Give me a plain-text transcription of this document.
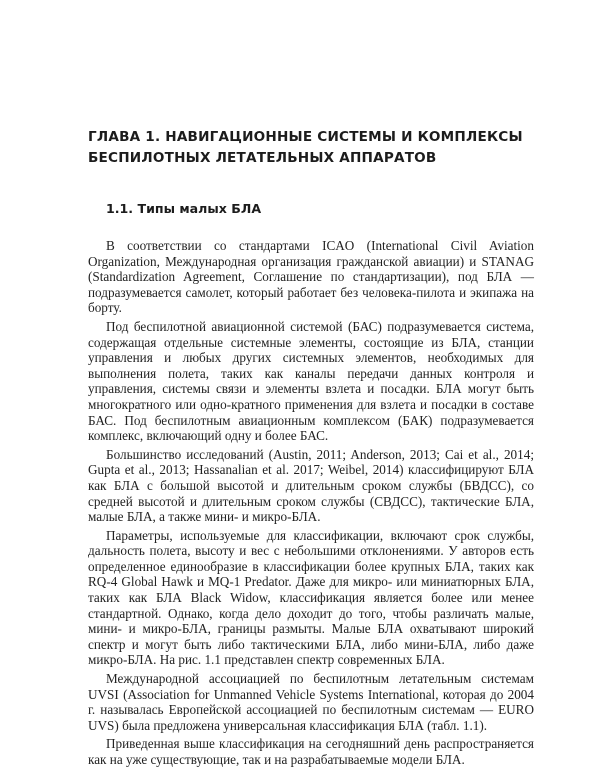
ГЛАВА 1. НАВИГАЦИОННЫЕ СИСТЕМЫ И КОМПЛЕКСЫ
БЕСПИЛОТНЫХ ЛЕТАТЕЛЬНЫХ АППАРАТОВ
1.1. Типы малых БЛА

В соответствии со стандартами ICAO (International Civil Aviation Organization, Международная организация гражданской авиации) и STANAG (Standardization Agreement, Соглашение по стандартизации), под БЛА — подразумевается самолет, который работает без человека-пилота и экипажа на борту.

Под беспилотной авиационной системой (БАС) подразумевается система, содержащая отдельные системные элементы, состоящие из БЛА, станции управления и любых других системных элементов, необходимых для выполнения полета, таких как каналы передачи данных контроля и управления, системы связи и элементы взлета и посадки. БЛА могут быть многократного или одно-кратного применения для взлета и посадки в составе БАС. Под беспилотным авиационным комплексом (БАК) подразумевается комплекс, включающий одну и более БАС.

Большинство исследований (Austin, 2011; Anderson, 2013; Cai et al., 2014; Gupta et al., 2013; Hassanalian et al. 2017; Weibel, 2014) классифицируют БЛА как БЛА с большой высотой и длительным сроком службы (БВДСС), со средней высотой и длительным сроком службы (СВДСС), тактические БЛА, малые БЛА, а также мини- и микро-БЛА.

Параметры, используемые для классификации, включают срок службы, дальность полета, высоту и вес с небольшими отклонениями. У авторов есть определенное единообразие в классификации более крупных БЛА, таких как RQ-4 Global Hawk и MQ-1 Predator. Даже для микро- или миниатюрных БЛА, таких как БЛА Black Widow, классификация является более или менее стандартной. Однако, когда дело доходит до того, чтобы различать малые, мини- и микро-БЛА, границы размыты. Малые БЛА охватывают широкий спектр и могут быть либо тактическими БЛА, либо мини-БЛА, либо даже микро-БЛА. На рис. 1.1 представлен спектр современных БЛА.

Международной ассоциацией по беспилотным летательным системам UVSI (Association for Unmanned Vehicle Systems International, которая до 2004 г. называлась Европейской ассоциацией по беспилотным системам — EURO UVS) была предложена универсальная классификация БЛА (табл. 1.1).

Приведенная выше классификация на сегодняшний день распространяется как на уже существующие, так и на разрабатываемые модели БЛА.
